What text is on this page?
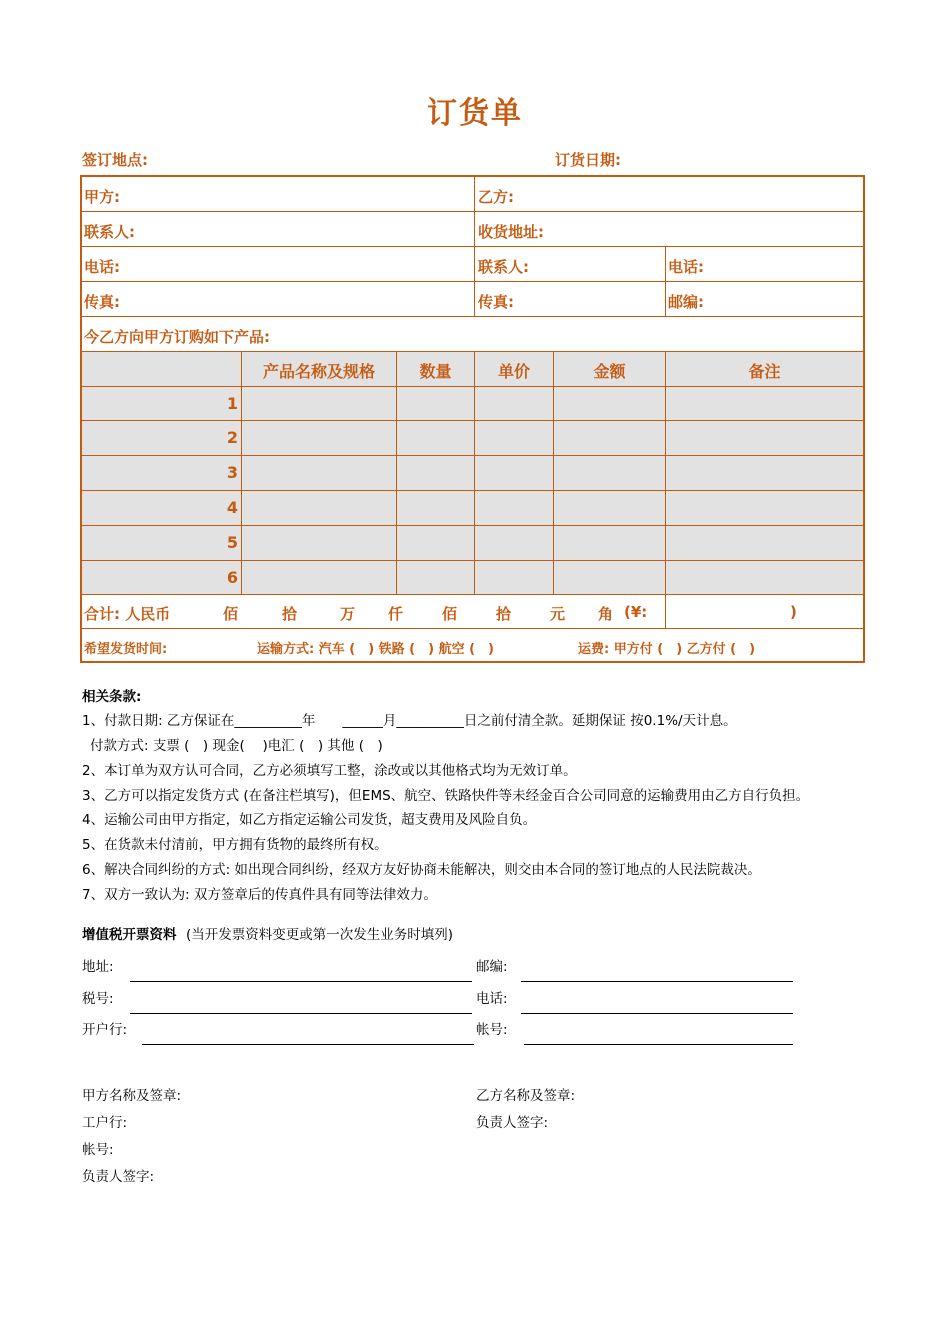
订货单
签订地点:	订货日期:
甲方:	乙方:
联系人:	收货地址:
电话:	联系人:	电话:
传真:	传真:	邮编:
今乙方向甲方订购如下产品:
产品名称及规格	数量	单价	金额	备注
1
2
3
4
5
6
合计: 人民币	佰	拾	万 仟	佰	拾	元 角 (¥:	)
希望发货时间:	运输方式: 汽车 (　) 铁路 (　) 航空 (　)	运费: 甲方付 (　) 乙方付 (　)
相关条款:
1、付款日期: 乙方保证在__________年　　______月__________日之前付清全款。延期保证 按0.1%/天计息。
付款方式: 支票 (　) 现金(　 )电汇 (　) 其他 (　)
2、本订单为双方认可合同，乙方必须填写工整，涂改或以其他格式均为无效订单。
3、乙方可以指定发货方式 (在备注栏填写)，但EMS、航空、铁路快件等未经金百合公司同意的运输费用由乙方自行负担。
4、运输公司由甲方指定，如乙方指定运输公司发货，超支费用及风险自负。
5、在货款未付清前，甲方拥有货物的最终所有权。
6、解决合同纠纷的方式: 如出现合同纠纷，经双方友好协商未能解决，则交由本合同的签订地点的人民法院裁决。
7、双方一致认为: 双方签章后的传真件具有同等法律效力。
增值税开票资料 (当开发票资料变更或第一次发生业务时填列)
地址:	邮编:
税号:	电话:
开户行:	帐号:
甲方名称及签章:	乙方名称及签章:
工户行:	负责人签字:
帐号:
负责人签字:
